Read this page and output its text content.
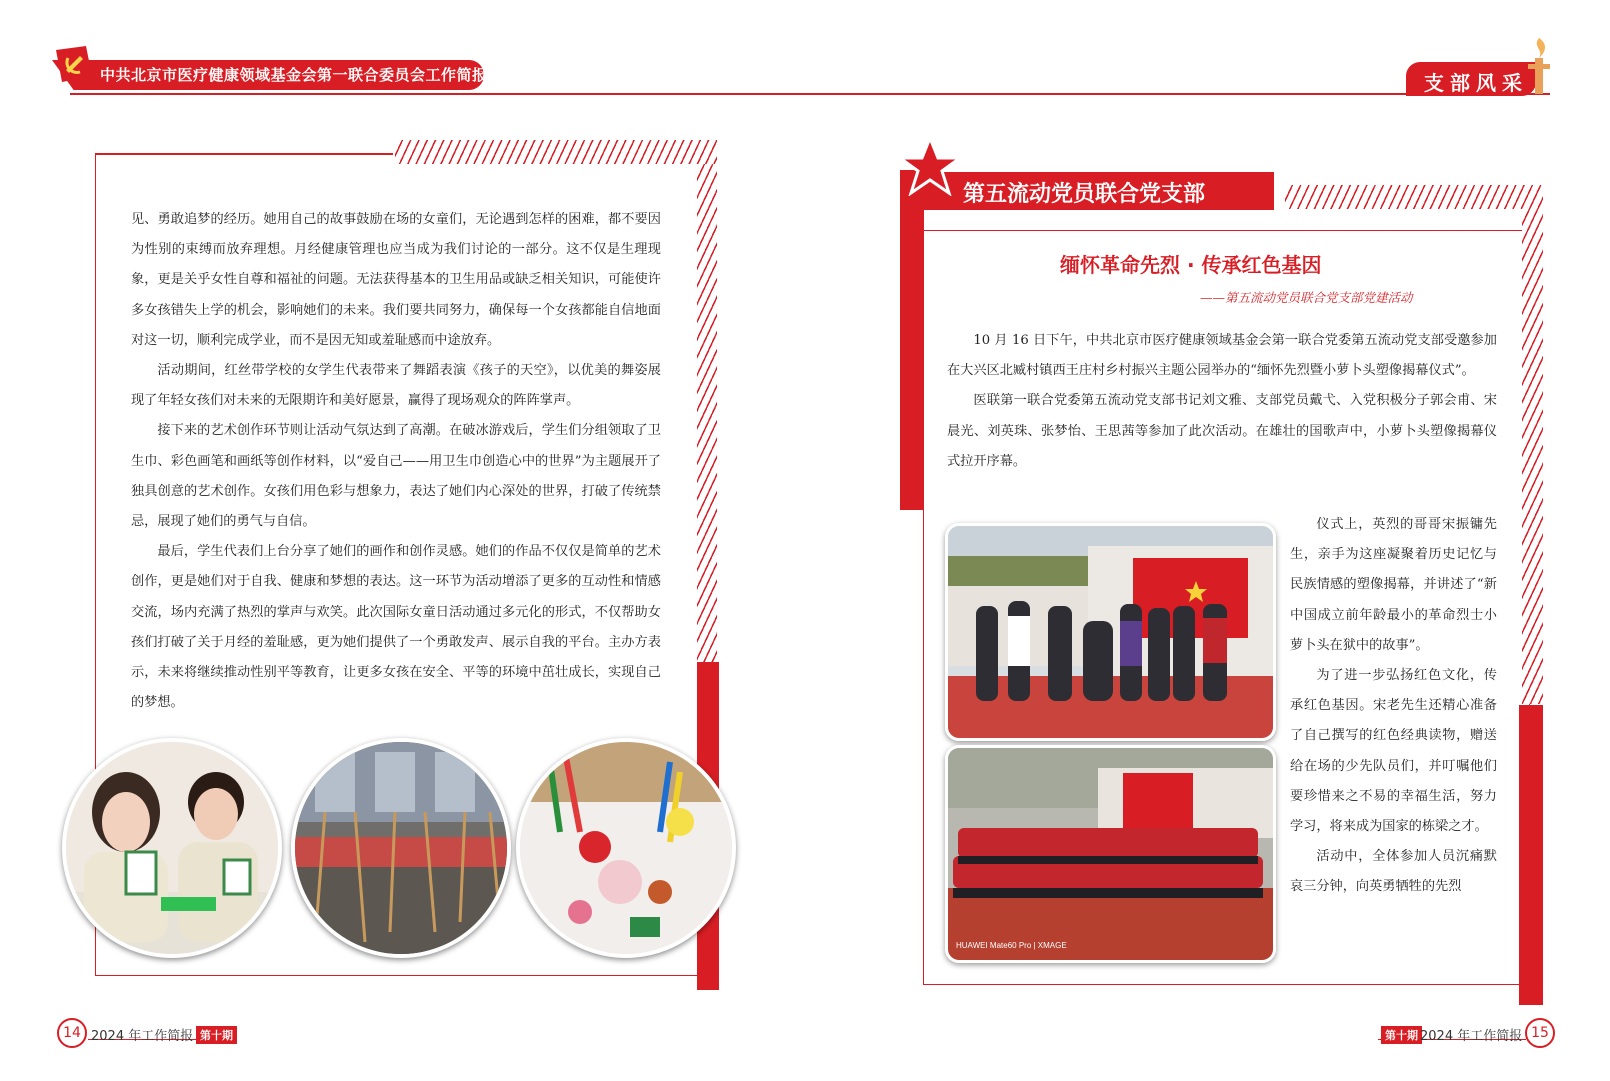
中共北京市医疗健康领域基金会第一联合委员会工作简报	支部风采

见、勇敢追梦的经历。她用自己的故事鼓励在场的女童们，无论遇到怎样的困难，都不要因为性别的束缚而放弃理想。月经健康管理也应当成为我们讨论的一部分。这不仅是生理现象，更是关乎女性自尊和福祉的问题。无法获得基本的卫生用品或缺乏相关知识，可能使许多女孩错失上学的机会，影响她们的未来。我们要共同努力，确保每一个女孩都能自信地面对这一切，顺利完成学业，而不是因无知或羞耻感而中途放弃。

活动期间，红丝带学校的女学生代表带来了舞蹈表演《孩子的天空》，以优美的舞姿展现了年轻女孩们对未来的无限期许和美好愿景，赢得了现场观众的阵阵掌声。

接下来的艺术创作环节则让活动气氛达到了高潮。在破冰游戏后，学生们分组领取了卫生巾、彩色画笔和画纸等创作材料，以“爱自己——用卫生巾创造心中的世界”为主题展开了独具创意的艺术创作。女孩们用色彩与想象力，表达了她们内心深处的世界，打破了传统禁忌，展现了她们的勇气与自信。

最后，学生代表们上台分享了她们的画作和创作灵感。她们的作品不仅仅是简单的艺术创作，更是她们对于自我、健康和梦想的表达。这一环节为活动增添了更多的互动性和情感交流，场内充满了热烈的掌声与欢笑。此次国际女童日活动通过多元化的形式，不仅帮助女孩们打破了关于月经的羞耻感，更为她们提供了一个勇敢发声、展示自我的平台。主办方表示，未来将继续推动性别平等教育，让更多女孩在安全、平等的环境中茁壮成长，实现自己的梦想。

第五流动党员联合党支部
缅怀革命先烈 · 传承红色基因
——第五流动党员联合党支部党建活动

10 月 16 日下午，中共北京市医疗健康领域基金会第一联合党委第五流动党支部受邀参加在大兴区北臧村镇西王庄村乡村振兴主题公园举办的“缅怀先烈暨小萝卜头塑像揭幕仪式”。

医联第一联合党委第五流动党支部书记刘文雅、支部党员戴弋、入党积极分子郭会甫、宋晨光、刘英珠、张梦怡、王思茜等参加了此次活动。在雄壮的国歌声中，小萝卜头塑像揭幕仪式拉开序幕。

仪式上，英烈的哥哥宋振镛先生，亲手为这座凝聚着历史记忆与民族情感的塑像揭幕，并讲述了“新中国成立前年龄最小的革命烈士小萝卜头在狱中的故事”。

为了进一步弘扬红色文化，传承红色基因。宋老先生还精心准备了自己撰写的红色经典读物，赠送给在场的少先队员们，并叮嘱他们要珍惜来之不易的幸福生活，努力学习，将来成为国家的栋梁之才。

活动中，全体参加人员沉痛默哀三分钟，向英勇牺牲的先烈

HUAWEI Mate60 Pro | XMAGE
14 2024 年工作简报 第十期	第十期 2024 年工作简报 15
